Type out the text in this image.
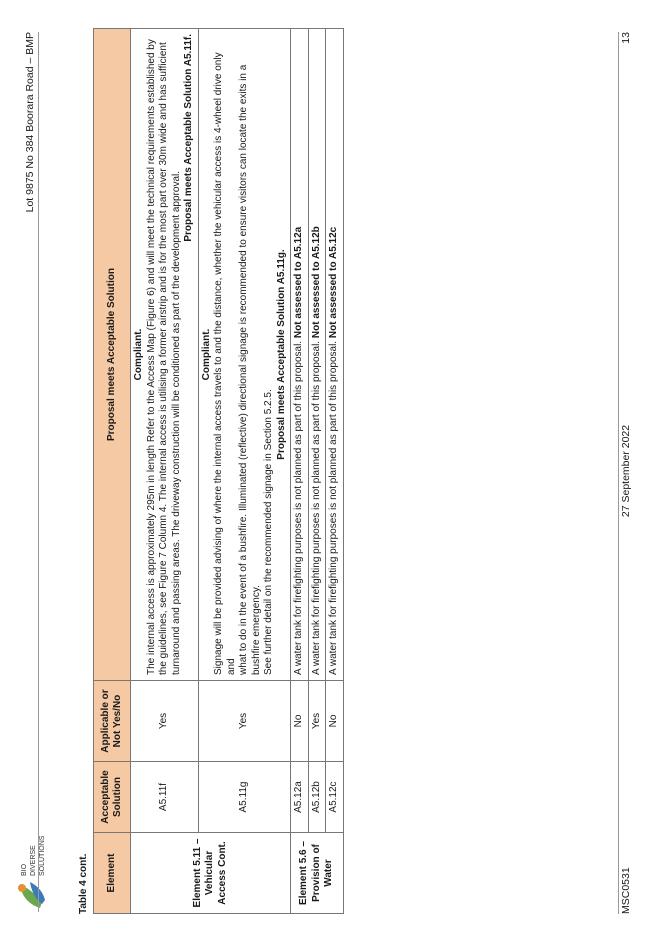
BIO DIVERSE SOLUTIONS
Lot 9875 No 384 Boorara Road – BMP
Table 4 cont. Element	Acceptable Solution	Applicable or Not Yes/No	Proposal meets Acceptable Solution
Element 5.11 – Vehicular Access Cont.	A5.11f	Yes	Compliant. The internal access is approximately 295m in length Refer to the Access Map (Figure 6) and will meet the technical requirements established by the guidelines, see Figure 7 Column 4. The internal access is utilising a former airstrip and is for the most part over 30m wide and has sufficient turnaround and passing areas. The driveway construction will be conditioned as part of the development approval.
Proposal meets Acceptable Solution A5.11f.

	A5.11g	Yes	Compliant. Signage will be provided advising of where the internal access travels to and the distance, whether the vehicular access is 4-wheel drive only and what to do in the event of a bushfire. Illuminated (reflective) directional signage is recommended to ensure visitors can locate the exits in a bushfire emergency. See further detail on the recommended signage in Section 5.2.5.
Proposal meets Acceptable Solution A5.11g.

Element 5.6 – Provision of Water	A5.12a	No	A water tank for firefighting purposes is not planned as part of this proposal. Not assessed to A5.12a
	A5.12b	Yes	A water tank for firefighting purposes is not planned as part of this proposal. Not assessed to A5.12b
	A5.12c	No	A water tank for firefighting purposes is not planned as part of this proposal. Not assessed to A5.12c
MSC0531
27 September 2022
13
